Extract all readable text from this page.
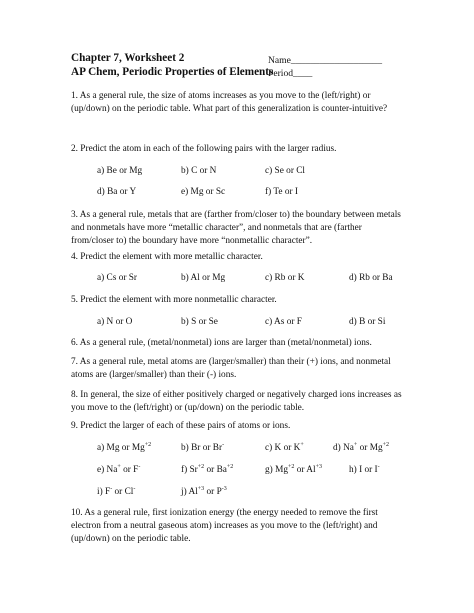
Chapter 7, Worksheet 2
AP Chem, Periodic Properties of Elements
Name___________________
Period____
1. As a general rule, the size of atoms increases as you move to the (left/right) or
(up/down) on the periodic table. What part of this generalization is counter-intuitive?
2. Predict the atom in each of the following pairs with the larger radius.
a) Be or Mg	b) C or N	c) Se or Cl
d) Ba or Y	e) Mg or Sc	f) Te or I
3. As a general rule, metals that are (farther from/closer to) the boundary between metals
and nonmetals have more “metallic character”, and nonmetals that are (farther
from/closer to) the boundary have more “nonmetallic character”.
4. Predict the element with more metallic character.
a) Cs or Sr	b) Al or Mg	c) Rb or K	d) Rb or Ba
5. Predict the element with more nonmetallic character.
a) N or O	b) S or Se	c) As or F	d) B or Si
6. As a general rule, (metal/nonmetal) ions are larger than (metal/nonmetal) ions.
7. As a general rule, metal atoms are (larger/smaller) than their (+) ions, and nonmetal
atoms are (larger/smaller) than their (-) ions.
8. In general, the size of either positively charged or negatively charged ions increases as
you move to the (left/right) or (up/down) on the periodic table.
9. Predict the larger of each of these pairs of atoms or ions.
a) Mg or $Mg^{+2}$	b) Br or Br-	c) K or K+	d) Na+ or $Mg^{+2}$
e) Na+ or F-	f) $Sr^{+2}$ or $Ba^{+2}$	g) $Mg^{+2}$ or $Al^{+3}$	h) I or I-
i) F- or Cl-	j) $Al^{+3}$ or $P^{-3}$
10. As a general rule, first ionization energy (the energy needed to remove the first
electron from a neutral gaseous atom) increases as you move to the (left/right) and
(up/down) on the periodic table.
